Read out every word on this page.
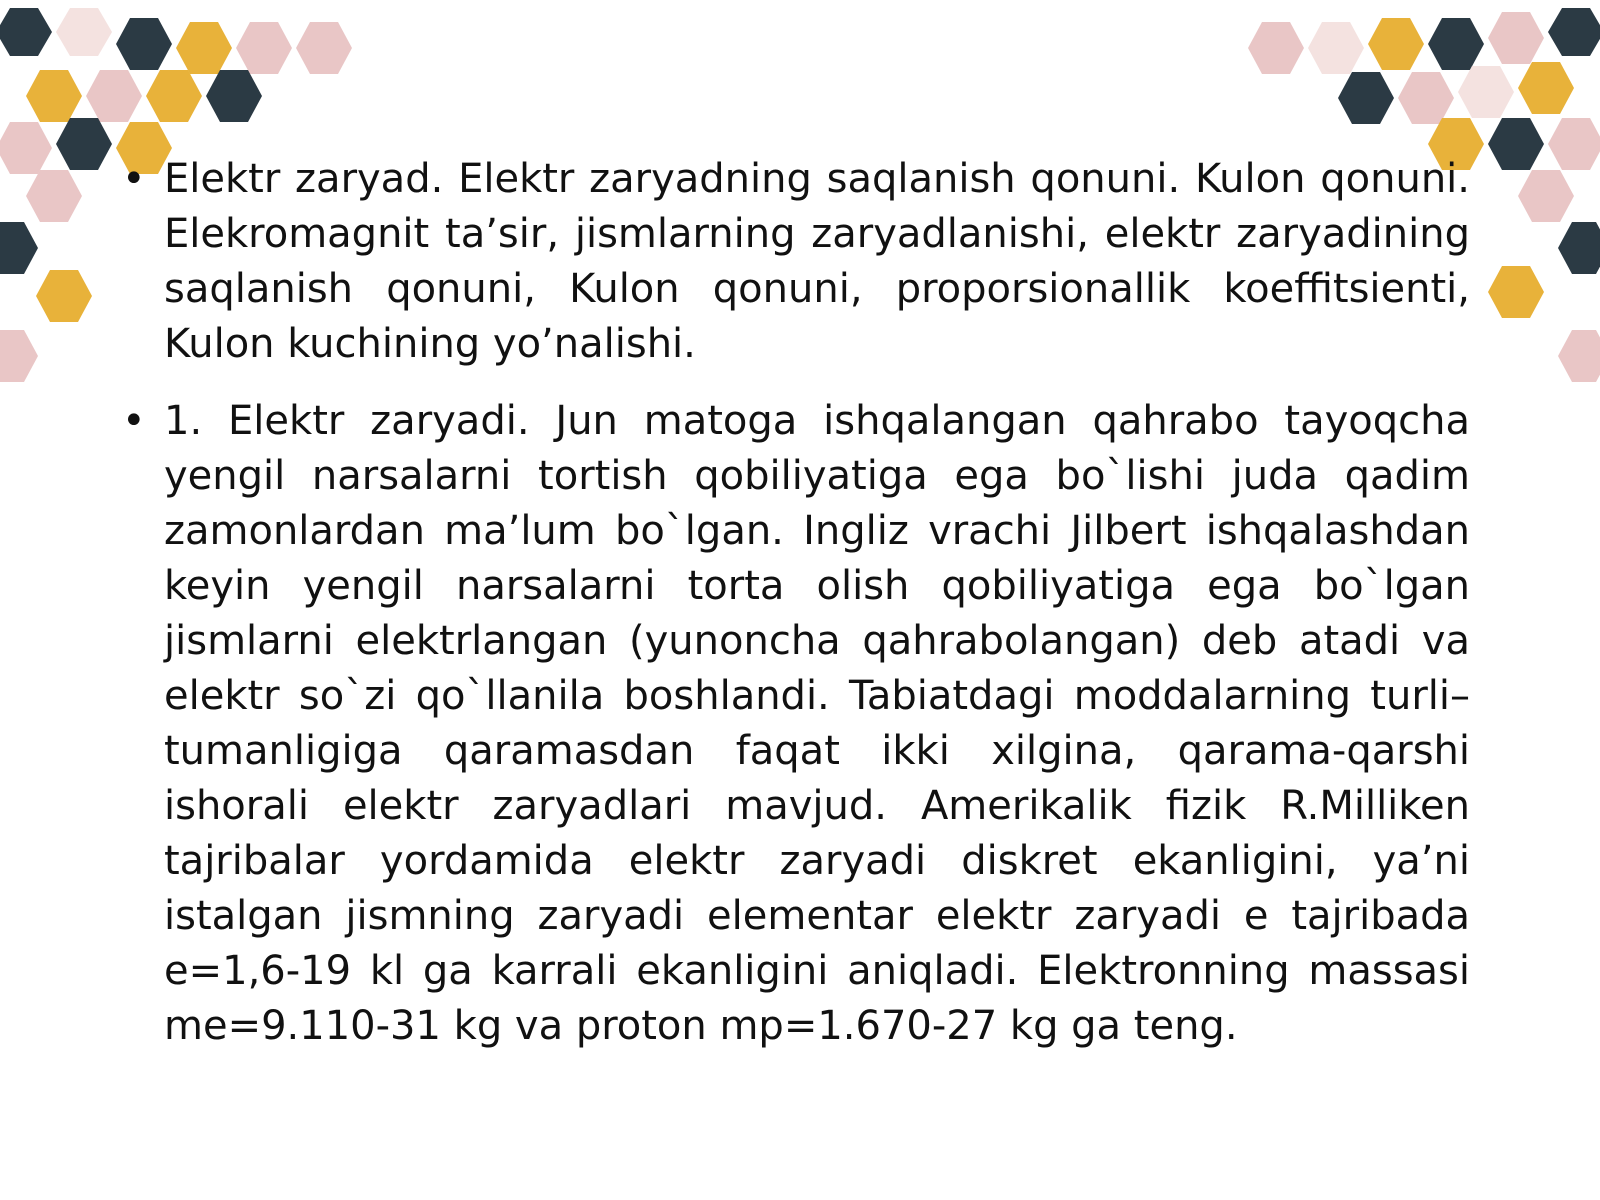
• Elektr zaryad. Elektr zaryadning saqlanish qonuni. Kulon qonuni. Elekromagnit ta’sir, jismlarning zaryadlanishi, elektr zaryadining saqlanish qonuni, Kulon qonuni, proporsionallik koeffitsienti, Kulon kuchining yo’nalishi.
• 1. Elektr zaryadi. Jun matoga ishqalangan qahrabo tayoqcha yengil narsalarni tortish qobiliyatiga ega bo`lishi juda qadim zamonlardan ma’lum bo`lgan. Ingliz vrachi Jilbert ishqalashdan keyin yengil narsalarni torta olish qobiliyatiga ega bo`lgan jismlarni elektrlangan (yunoncha qahrabolangan) deb atadi va elektr so`zi qo`llanila boshlandi. Tabiatdagi moddalarning turli–tumanligiga qaramasdan faqat ikki xilgina, qarama-qarshi ishorali elektr zaryadlari mavjud. Amerikalik fizik R.Milliken tajribalar yordamida elektr zaryadi diskret ekanligini, ya’ni istalgan jismning zaryadi elementar elektr zaryadi e tajribada e=1,6-19 kl ga karrali ekanligini aniqladi. Elektronning massasi me=9.110-31 kg va proton mp=1.670-27 kg ga teng.
